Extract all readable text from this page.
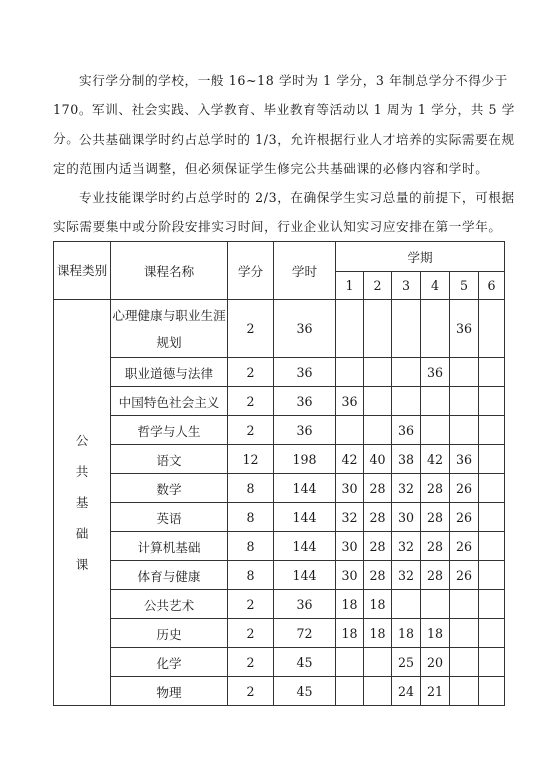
实行学分制的学校，一般 16~18 学时为 1 学分，3 年制总学分不得少于 170。军训、社会实践、入学教育、毕业教育等活动以 1 周为 1 学分，共 5 学分。 公共基础课学时约占总学时的 1/3，允许根据行业人才培养的实际需要在规定的范围内适当调整，但必须保证学生修完公共基础课的必修内容和学时。

专业技能课学时约占总学时的 2/3，在确保学生实习总量的前提下，可根据实际需要集中或分阶段安排实习时间，行业企业认知实习应安排在第一学年。

课程类别	课程名称	学分	学时	学期					
				1	2	3	4	5	6

公
共
基
础
课	心理健康与职业生涯规划	2	36					36	
	职业道德与法律	2	36				36		
	中国特色社会主义	2	36	36					
	哲学与人生	2	36			36			
	语文	12	198	42	40	38	42	36	
	数学	8	144	30	28	32	28	26	
	英语	8	144	32	28	30	28	26	
	计算机基础	8	144	30	28	32	28	26	
	体育与健康	8	144	30	28	32	28	26	
	公共艺术	2	36	18	18				
	历史	2	72	18	18	18	18		
	化学	2	45			25	20		
	物理	2	45			24	21		
